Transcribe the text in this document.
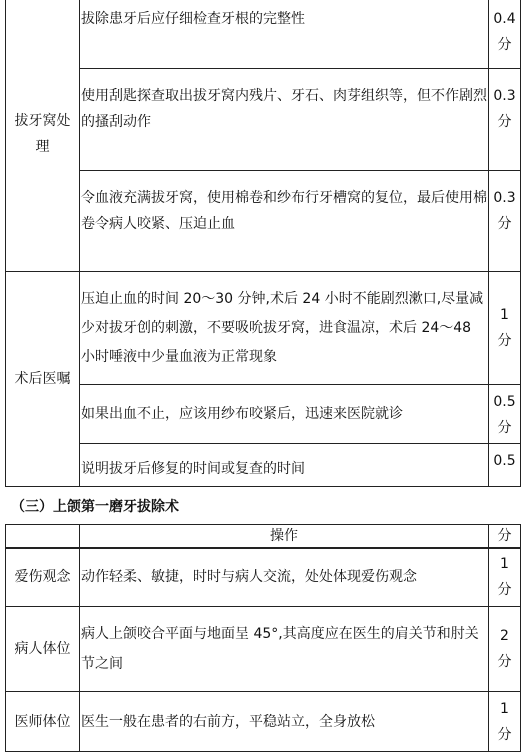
拔牙窝处理	拔除患牙后应仔细检查牙根的完整性	0.4分
	使用刮匙探查取出拔牙窝内残片、牙石、肉芽组织等，但不作剧烈的搔刮动作	0.3分
	令血液充满拔牙窝，使用棉卷和纱布行牙槽窝的复位，最后使用棉卷令病人咬紧、压迫止血	0.3分
术后医嘱	压迫止血的时间 20～30 分钟,术后 24 小时不能剧烈漱口,尽量减少对拔牙创的刺激，不要吸吮拔牙窝，进食温凉，术后 24～48 小时唾液中少量血液为正常现象	1 分
	如果出血不止，应该用纱布咬紧后，迅速来医院就诊	0.5分
	说明拔牙后修复的时间或复查的时间	0.5
（三）上颌第一磨牙拔除术
	操作	分
爱伤观念	动作轻柔、敏捷，时时与病人交流，处处体现爱伤观念	1 分
病人体位	病人上颌咬合平面与地面呈 45°,其高度应在医生的肩关节和肘关节之间	2 分
医师体位	医生一般在患者的右前方，平稳站立，全身放松	1 分
